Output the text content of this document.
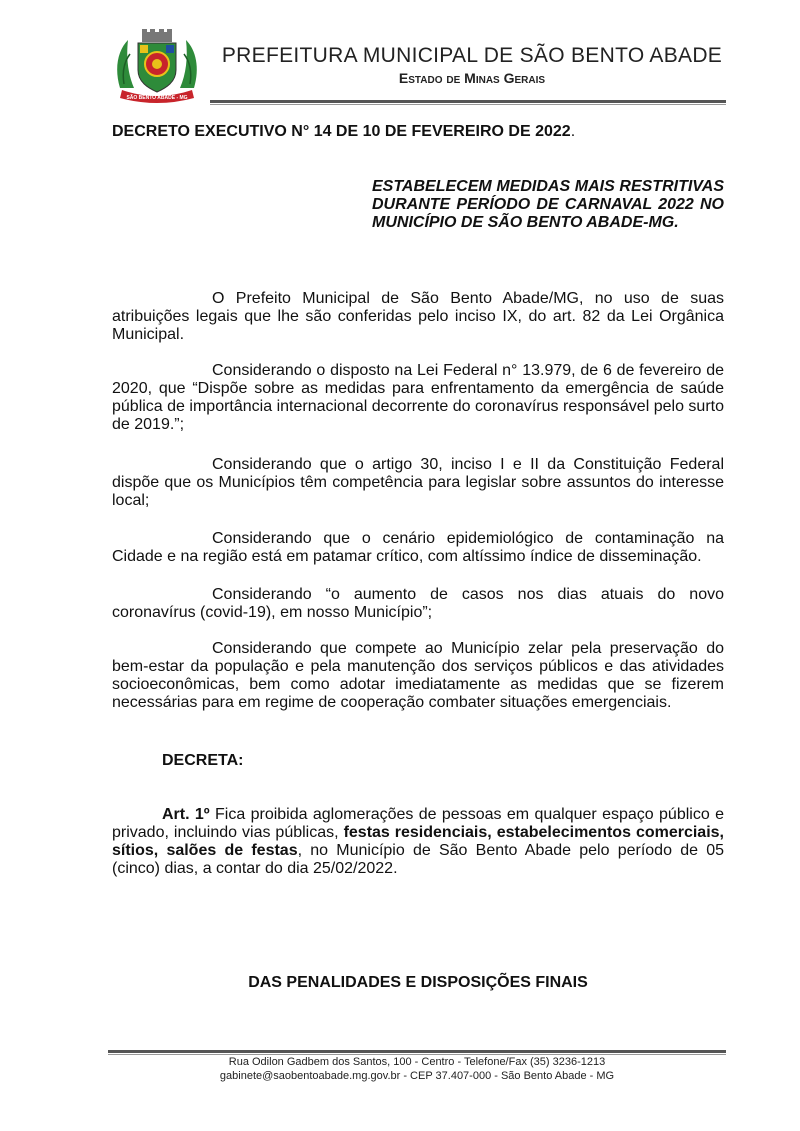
SÃO BENTO ABADE - MG
PREFEITURA MUNICIPAL DE SÃO BENTO ABADE
Estado de Minas Gerais
DECRETO EXECUTIVO N° 14 DE 10 DE FEVEREIRO DE 2022.
ESTABELECEM MEDIDAS MAIS RESTRITIVAS DURANTE PERÍODO DE CARNAVAL 2022 NO MUNICÍPIO DE SÃO BENTO ABADE-MG.
O Prefeito Municipal de São Bento Abade/MG, no uso de suas atribuições legais que lhe são conferidas pelo inciso IX, do art. 82 da Lei Orgânica Municipal.
Considerando o disposto na Lei Federal n° 13.979, de 6 de fevereiro de 2020, que “Dispõe sobre as medidas para enfrentamento da emergência de saúde pública de importância internacional decorrente do coronavírus responsável pelo surto de 2019.”;
Considerando que o artigo 30, inciso I e II da Constituição Federal dispõe que os Municípios têm competência para legislar sobre assuntos do interesse local;
Considerando que o cenário epidemiológico de contaminação na Cidade e na região está em patamar crítico, com altíssimo índice de disseminação.
Considerando “o aumento de casos nos dias atuais do novo coronavírus (covid-19), em nosso Município”;
Considerando que compete ao Município zelar pela preservação do bem-estar da população e pela manutenção dos serviços públicos e das atividades socioeconômicas, bem como adotar imediatamente as medidas que se fizerem necessárias para em regime de cooperação combater situações emergenciais.
DECRETA:
Art. 1º Fica proibida aglomerações de pessoas em qualquer espaço público e privado, incluindo vias públicas, festas residenciais, estabelecimentos comerciais, sítios, salões de festas, no Município de São Bento Abade pelo período de 05 (cinco) dias, a contar do dia 25/02/2022.
DAS PENALIDADES E DISPOSIÇÕES FINAIS
Rua Odilon Gadbem dos Santos, 100 - Centro - Telefone/Fax (35) 3236-1213
gabinete@saobentoabade.mg.gov.br - CEP 37.407-000 - São Bento Abade - MG
